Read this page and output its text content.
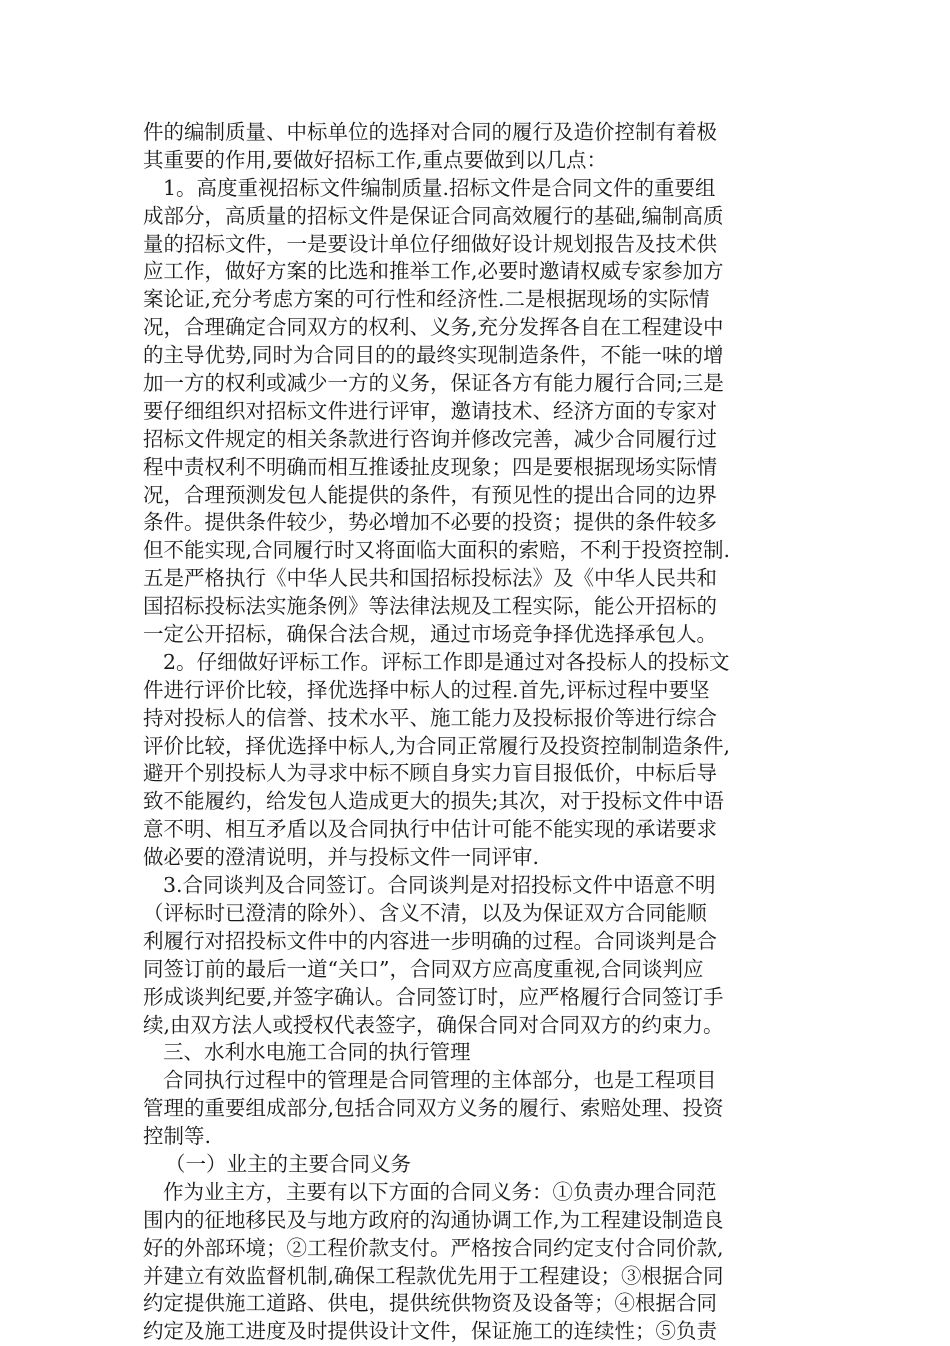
件的编制质量、中标单位的选择对合同的履行及造价控制有着极
其重要的作用,要做好招标工作,重点要做到以几点：
1。高度重视招标文件编制质量.招标文件是合同文件的重要组
成部分，高质量的招标文件是保证合同高效履行的基础,编制高质
量的招标文件，一是要设计单位仔细做好设计规划报告及技术供
应工作，做好方案的比选和推举工作,必要时邀请权威专家参加方
案论证,充分考虑方案的可行性和经济性.二是根据现场的实际情
况，合理确定合同双方的权利、义务,充分发挥各自在工程建设中
的主导优势,同时为合同目的的最终实现制造条件，不能一味的增
加一方的权利或减少一方的义务，保证各方有能力履行合同;三是
要仔细组织对招标文件进行评审，邀请技术、经济方面的专家对
招标文件规定的相关条款进行咨询并修改完善，减少合同履行过
程中责权利不明确而相互推诿扯皮现象；四是要根据现场实际情
况，合理预测发包人能提供的条件，有预见性的提出合同的边界
条件。提供条件较少，势必增加不必要的投资；提供的条件较多
但不能实现,合同履行时又将面临大面积的索赔，不利于投资控制.
五是严格执行《中华人民共和国招标投标法》及《中华人民共和
国招标投标法实施条例》等法律法规及工程实际，能公开招标的
一定公开招标，确保合法合规，通过市场竞争择优选择承包人。
2。仔细做好评标工作。评标工作即是通过对各投标人的投标文
件进行评价比较，择优选择中标人的过程.首先,评标过程中要坚
持对投标人的信誉、技术水平、施工能力及投标报价等进行综合
评价比较，择优选择中标人,为合同正常履行及投资控制制造条件,
避开个别投标人为寻求中标不顾自身实力盲目报低价，中标后导
致不能履约，给发包人造成更大的损失;其次，对于投标文件中语
意不明、相互矛盾以及合同执行中估计可能不能实现的承诺要求
做必要的澄清说明，并与投标文件一同评审.
3.合同谈判及合同签订。合同谈判是对招投标文件中语意不明
（评标时已澄清的除外）、含义不清，以及为保证双方合同能顺
利履行对招投标文件中的内容进一步明确的过程。合同谈判是合
同签订前的最后一道“关口”，合同双方应高度重视,合同谈判应
形成谈判纪要,并签字确认。合同签订时，应严格履行合同签订手
续,由双方法人或授权代表签字，确保合同对合同双方的约束力。
三、水利水电施工合同的执行管理
合同执行过程中的管理是合同管理的主体部分，也是工程项目
管理的重要组成部分,包括合同双方义务的履行、索赔处理、投资
控制等.
（一）业主的主要合同义务
作为业主方，主要有以下方面的合同义务：①负责办理合同范
围内的征地移民及与地方政府的沟通协调工作,为工程建设制造良
好的外部环境；②工程价款支付。严格按合同约定支付合同价款,
并建立有效监督机制,确保工程款优先用于工程建设；③根据合同
约定提供施工道路、供电，提供统供物资及设备等；④根据合同
约定及施工进度及时提供设计文件，保证施工的连续性；⑤负责
